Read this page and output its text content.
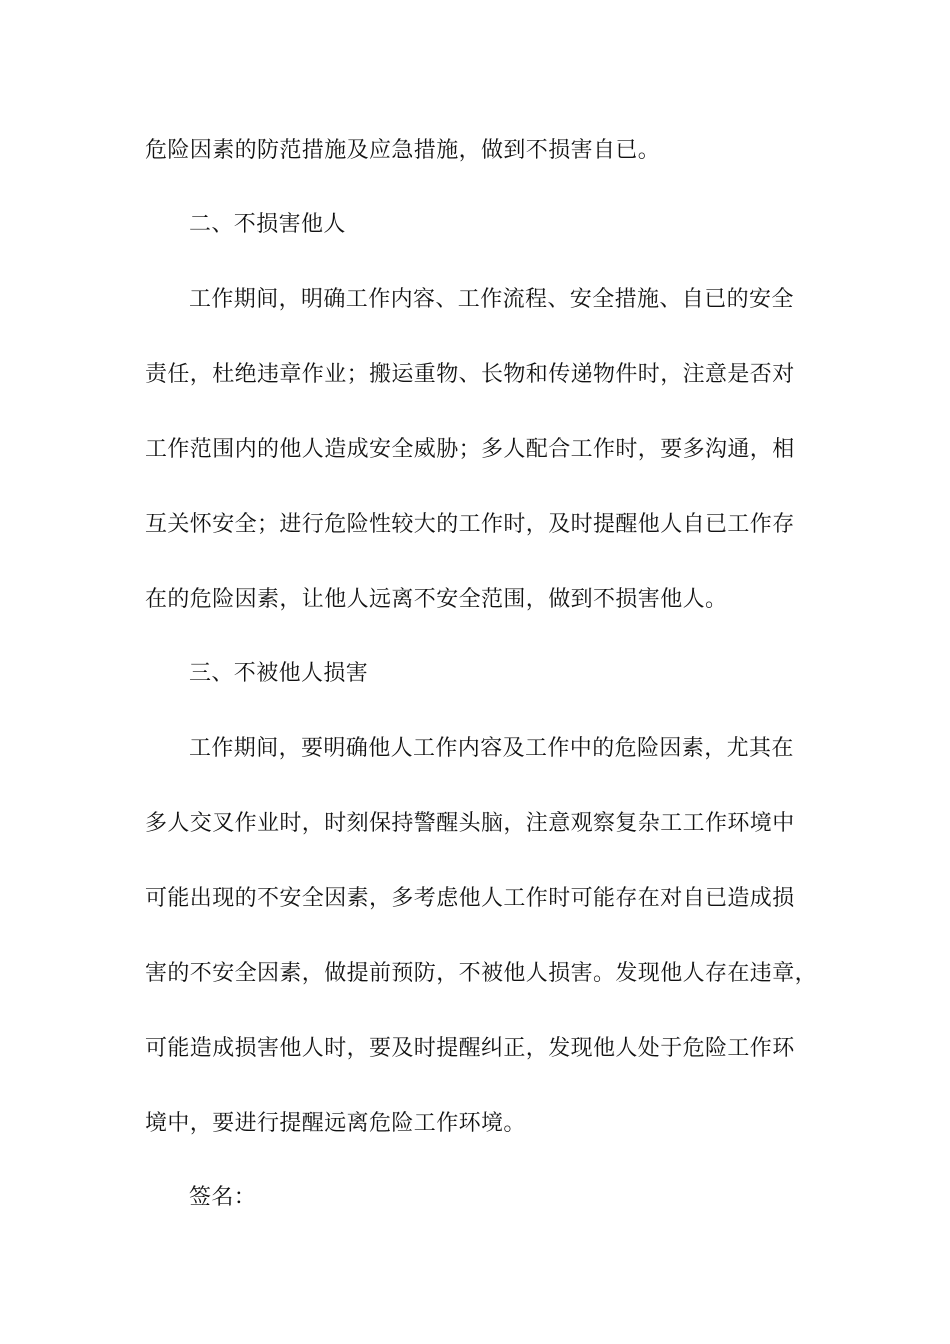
危险因素的防范措施及应急措施，做到不损害自已。
二、不损害他人
工作期间，明确工作内容、工作流程、安全措施、自已的安全
责任，杜绝违章作业；搬运重物、长物和传递物件时，注意是否对
工作范围内的他人造成安全威胁；多人配合工作时，要多沟通，相
互关怀安全；进行危险性较大的工作时，及时提醒他人自已工作存
在的危险因素，让他人远离不安全范围，做到不损害他人。
三、不被他人损害
工作期间，要明确他人工作内容及工作中的危险因素，尤其在
多人交叉作业时，时刻保持警醒头脑，注意观察复杂工工作环境中
可能出现的不安全因素，多考虑他人工作时可能存在对自已造成损
害的不安全因素，做提前预防，不被他人损害。发现他人存在违章，
可能造成损害他人时，要及时提醒纠正，发现他人处于危险工作环
境中，要进行提醒远离危险工作环境。
签名：
